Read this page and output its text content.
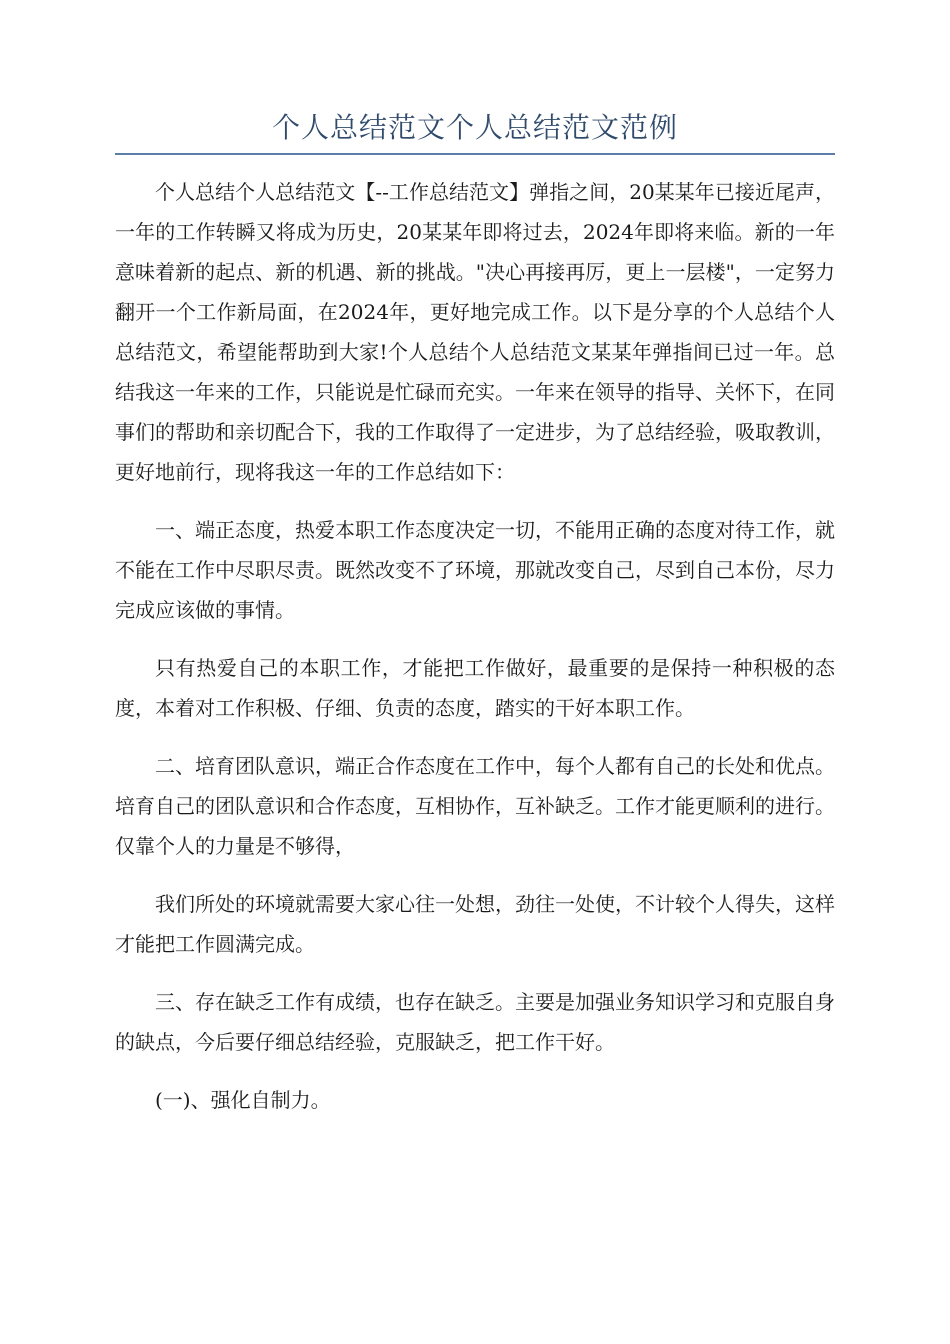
个人总结范文个人总结范文范例

个人总结个人总结范文【--工作总结范文】弹指之间，20某某年已接近尾声，一年的工作转瞬又将成为历史，20某某年即将过去，2024年即将来临。新的一年意味着新的起点、新的机遇、新的挑战。"决心再接再厉，更上一层楼"，一定努力翻开一个工作新局面，在2024年，更好地完成工作。以下是分享的个人总结个人总结范文，希望能帮助到大家!个人总结个人总结范文某某年弹指间已过一年。总结我这一年来的工作，只能说是忙碌而充实。一年来在领导的指导、关怀下，在同事们的帮助和亲切配合下，我的工作取得了一定进步，为了总结经验，吸取教训，更好地前行，现将我这一年的工作总结如下：

一、端正态度，热爱本职工作态度决定一切，不能用正确的态度对待工作，就不能在工作中尽职尽责。既然改变不了环境，那就改变自己，尽到自己本份，尽力完成应该做的事情。

只有热爱自己的本职工作，才能把工作做好，最重要的是保持一种积极的态度，本着对工作积极、仔细、负责的态度，踏实的干好本职工作。

二、培育团队意识，端正合作态度在工作中，每个人都有自己的长处和优点。培育自己的团队意识和合作态度，互相协作，互补缺乏。工作才能更顺利的进行。仅靠个人的力量是不够得，

我们所处的环境就需要大家心往一处想，劲往一处使，不计较个人得失，这样才能把工作圆满完成。

三、存在缺乏工作有成绩，也存在缺乏。主要是加强业务知识学习和克服自身的缺点，今后要仔细总结经验，克服缺乏，把工作干好。

(一)、强化自制力。
